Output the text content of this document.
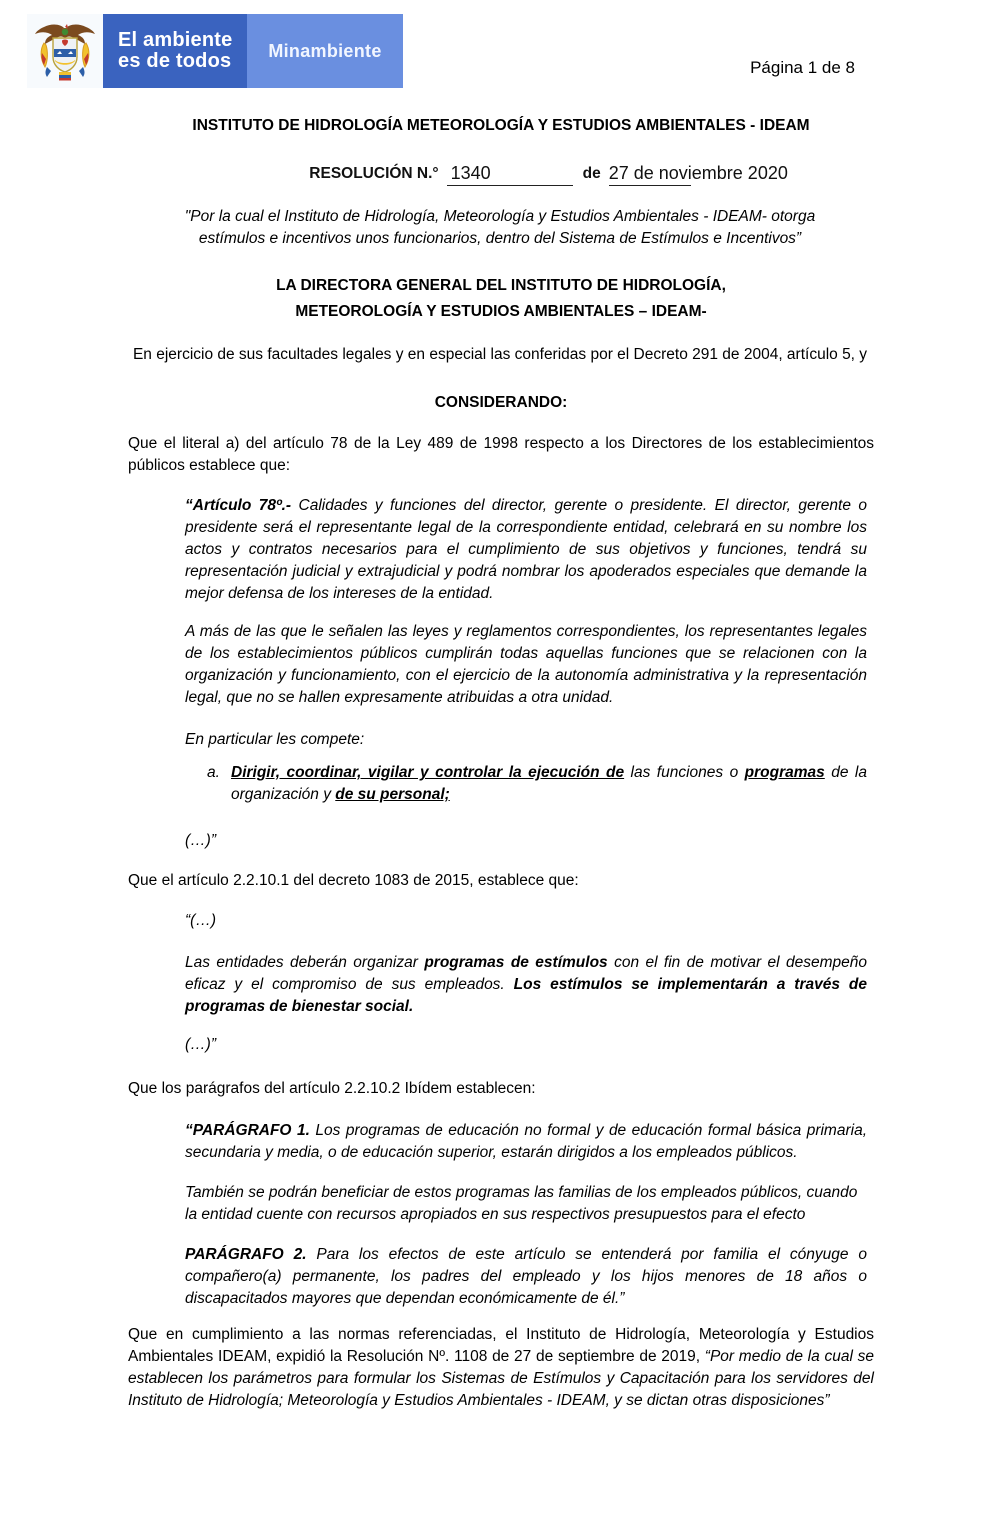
El ambiente
es de todos	Minambiente
Página 1 de 8
INSTITUTO DE HIDROLOGÍA METEOROLOGÍA Y ESTUDIOS AMBIENTALES - IDEAM
RESOLUCIÓN N.° 1340	de 27 de noviembre 2020
"Por la cual el Instituto de Hidrología, Meteorología y Estudios Ambientales - IDEAM- otorga estímulos e incentivos unos funcionarios, dentro del Sistema de Estímulos e Incentivos”
LA DIRECTORA GENERAL DEL INSTITUTO DE HIDROLOGÍA,
METEOROLOGÍA Y ESTUDIOS AMBIENTALES – IDEAM-
En ejercicio de sus facultades legales y en especial las conferidas por el Decreto 291 de 2004, artículo 5, y
CONSIDERANDO:
Que el literal a) del artículo 78 de la Ley 489 de 1998 respecto a los Directores de los establecimientos públicos establece que:
“Artículo 78º.- Calidades y funciones del director, gerente o presidente. El director, gerente o presidente será el representante legal de la correspondiente entidad, celebrará en su nombre los actos y contratos necesarios para el cumplimiento de sus objetivos y funciones, tendrá su representación judicial y extrajudicial y podrá nombrar los apoderados especiales que demande la mejor defensa de los intereses de la entidad.
A más de las que le señalen las leyes y reglamentos correspondientes, los representantes legales de los establecimientos públicos cumplirán todas aquellas funciones que se relacionen con la organización y funcionamiento, con el ejercicio de la autonomía administrativa y la representación legal, que no se hallen expresamente atribuidas a otra unidad.
En particular les compete:
a. Dirigir, coordinar, vigilar y controlar la ejecución de las funciones o programas de la organización y de su personal;
(…)”
Que el artículo 2.2.10.1 del decreto 1083 de 2015, establece que:
“(…)
Las entidades deberán organizar programas de estímulos con el fin de motivar el desempeño eficaz y el compromiso de sus empleados. Los estímulos se implementarán a través de programas de bienestar social.
(…)”
Que los parágrafos del artículo 2.2.10.2 Ibídem establecen:
“PARÁGRAFO 1. Los programas de educación no formal y de educación formal básica primaria, secundaria y media, o de educación superior, estarán dirigidos a los empleados públicos.
También se podrán beneficiar de estos programas las familias de los empleados públicos, cuando la entidad cuente con recursos apropiados en sus respectivos presupuestos para el efecto
PARÁGRAFO 2. Para los efectos de este artículo se entenderá por familia el cónyuge o compañero(a) permanente, los padres del empleado y los hijos menores de 18 años o discapacitados mayores que dependan económicamente de él.”
Que en cumplimiento a las normas referenciadas, el Instituto de Hidrología, Meteorología y Estudios Ambientales IDEAM, expidió la Resolución Nº. 1108 de 27 de septiembre de 2019, “Por medio de la cual se establecen los parámetros para formular los Sistemas de Estímulos y Capacitación para los servidores del Instituto de Hidrología; Meteorología y Estudios Ambientales - IDEAM, y se dictan otras disposiciones”
